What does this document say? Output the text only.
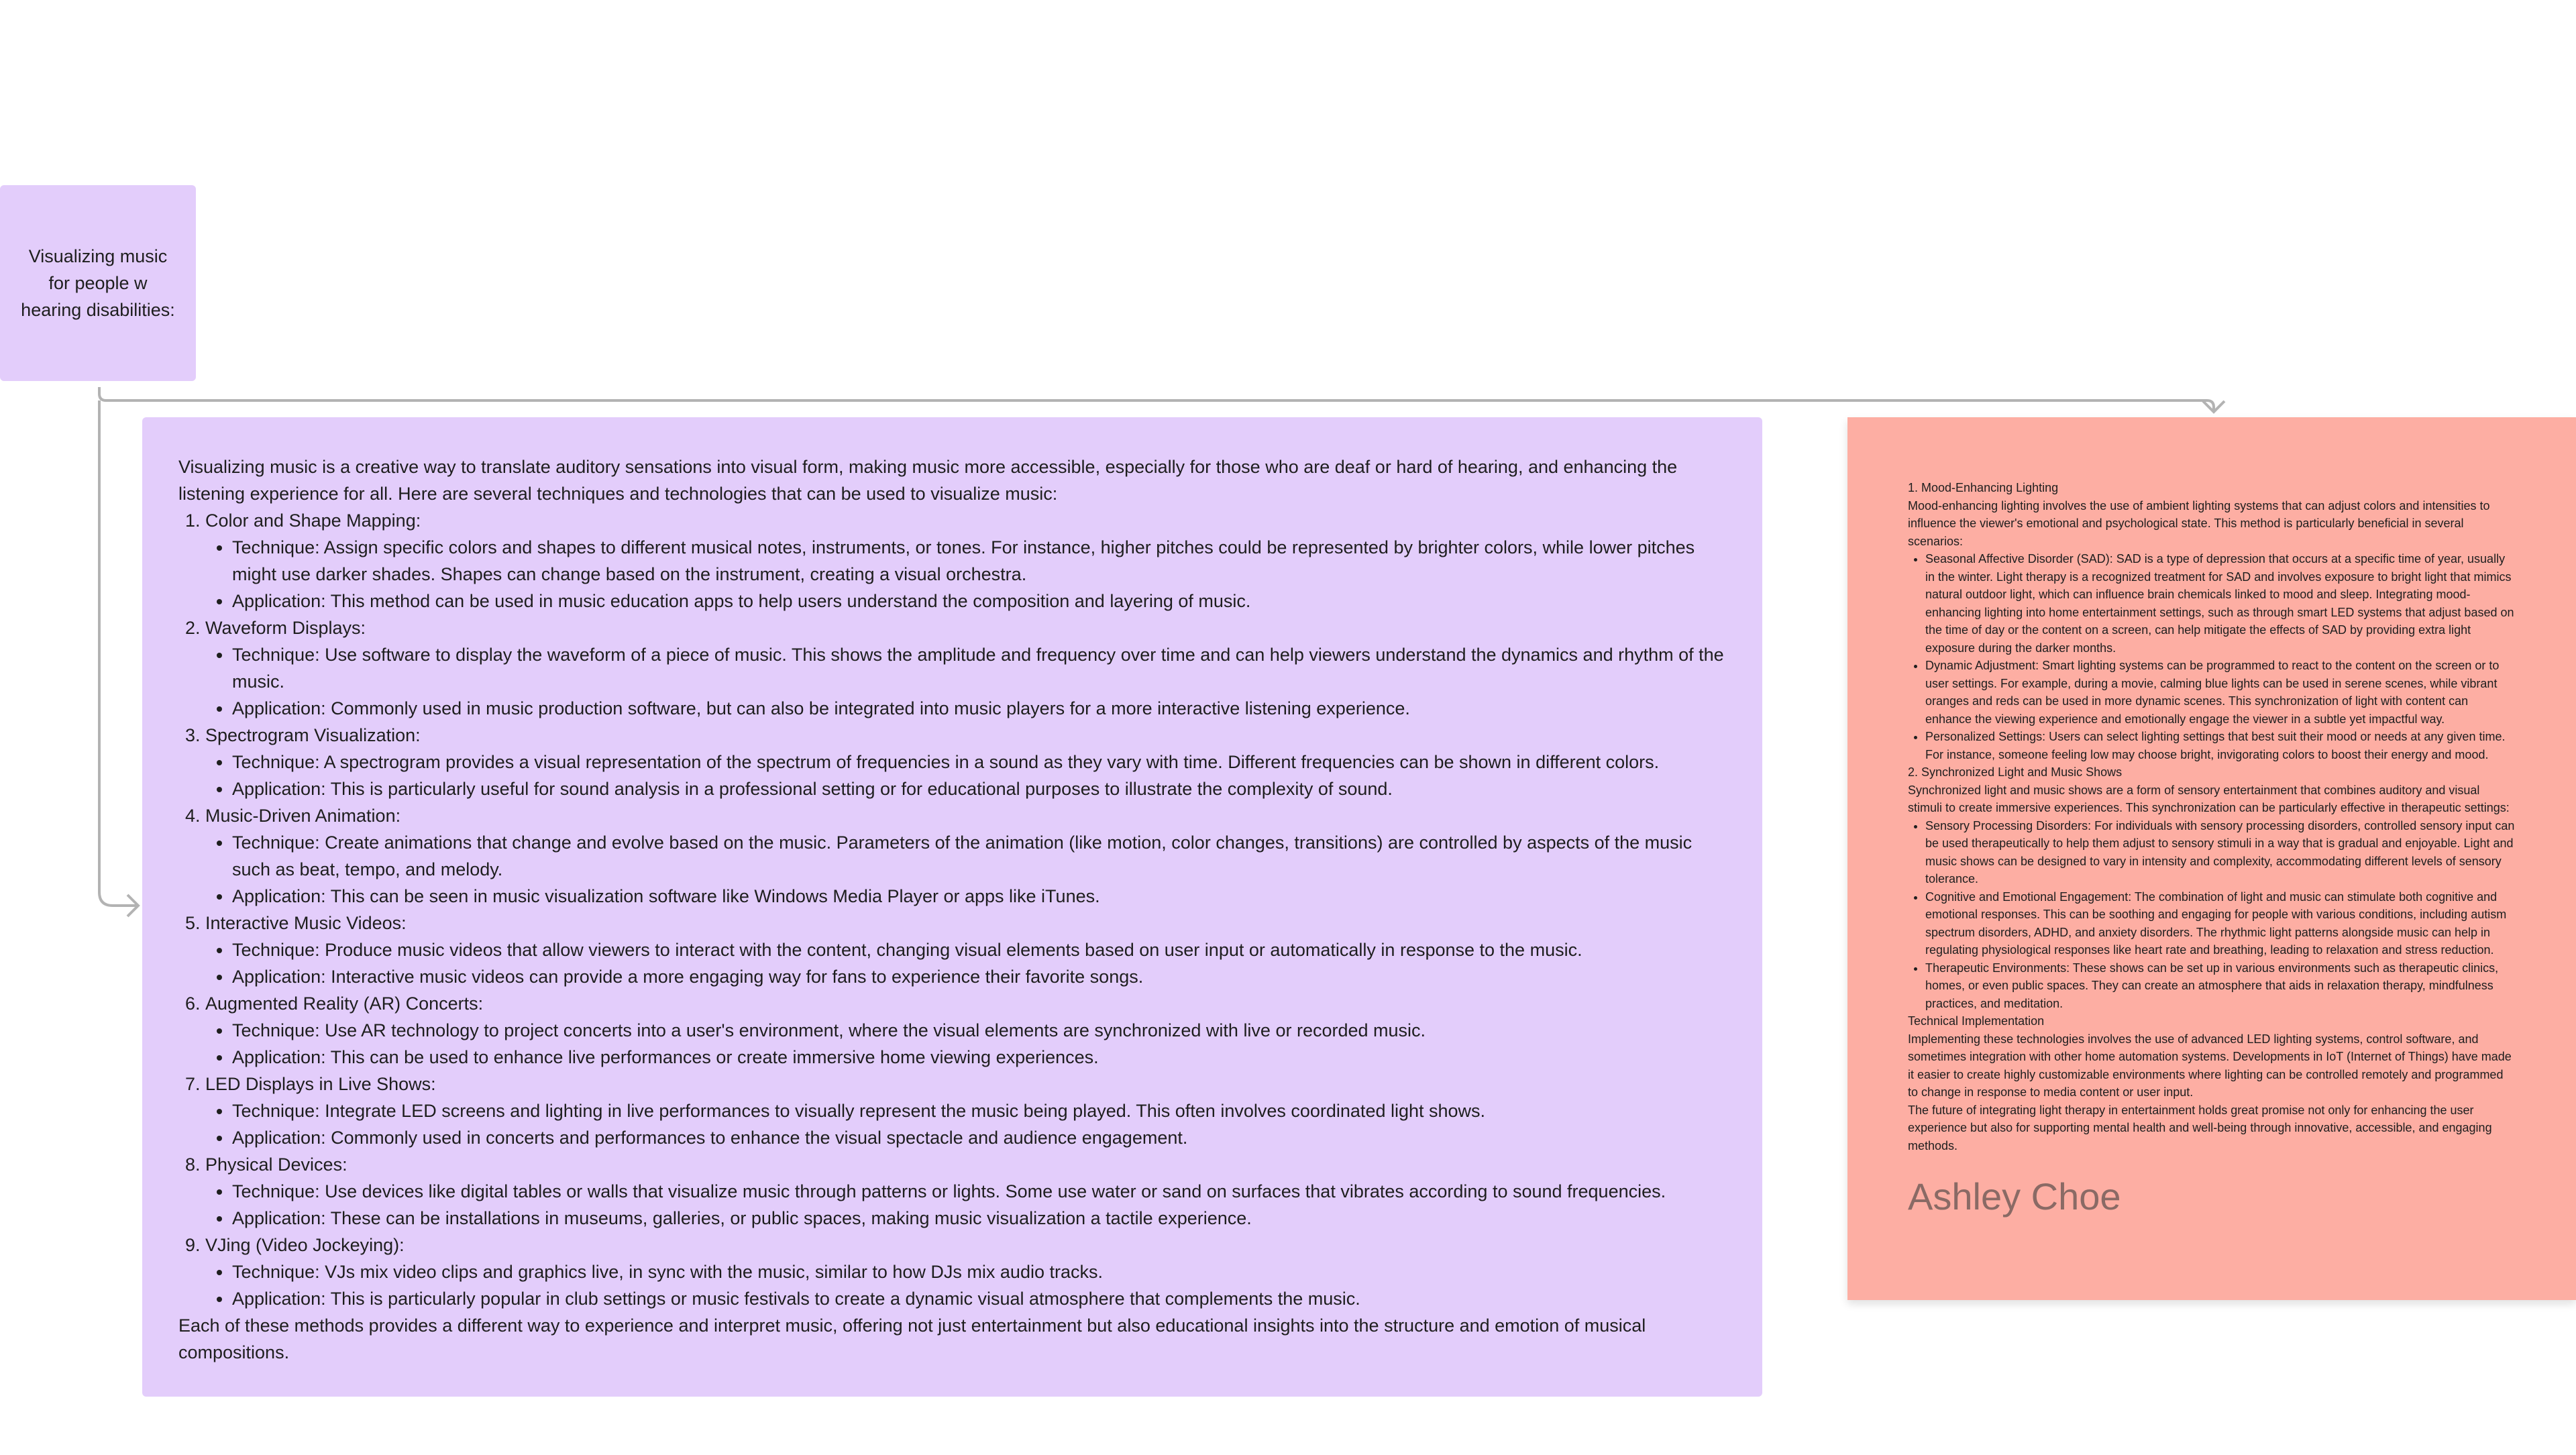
Visualizing music for people w hearing disabilities:

Visualizing music is a creative way to translate auditory sensations into visual form, making music more accessible, especially for those who are deaf or hard of hearing, and enhancing the listening experience for all. Here are several techniques and technologies that can be used to visualize music:

1. Color and Shape Mapping:
• Technique: Assign specific colors and shapes to different musical notes, instruments, or tones. For instance, higher pitches could be represented by brighter colors, while lower pitches might use darker shades. Shapes can change based on the instrument, creating a visual orchestra.
• Application: This method can be used in music education apps to help users understand the composition and layering of music.
2. Waveform Displays:
• Technique: Use software to display the waveform of a piece of music. This shows the amplitude and frequency over time and can help viewers understand the dynamics and rhythm of the music.
• Application: Commonly used in music production software, but can also be integrated into music players for a more interactive listening experience.
3. Spectrogram Visualization:
• Technique: A spectrogram provides a visual representation of the spectrum of frequencies in a sound as they vary with time. Different frequencies can be shown in different colors.
• Application: This is particularly useful for sound analysis in a professional setting or for educational purposes to illustrate the complexity of sound.
4. Music-Driven Animation:
• Technique: Create animations that change and evolve based on the music. Parameters of the animation (like motion, color changes, transitions) are controlled by aspects of the music such as beat, tempo, and melody.
• Application: This can be seen in music visualization software like Windows Media Player or apps like iTunes.
5. Interactive Music Videos:
• Technique: Produce music videos that allow viewers to interact with the content, changing visual elements based on user input or automatically in response to the music.
• Application: Interactive music videos can provide a more engaging way for fans to experience their favorite songs.
6. Augmented Reality (AR) Concerts:
• Technique: Use AR technology to project concerts into a user's environment, where the visual elements are synchronized with live or recorded music.
• Application: This can be used to enhance live performances or create immersive home viewing experiences.
7. LED Displays in Live Shows:
• Technique: Integrate LED screens and lighting in live performances to visually represent the music being played. This often involves coordinated light shows.
• Application: Commonly used in concerts and performances to enhance the visual spectacle and audience engagement.
8. Physical Devices:
• Technique: Use devices like digital tables or walls that visualize music through patterns or lights. Some use water or sand on surfaces that vibrates according to sound frequencies.
• Application: These can be installations in museums, galleries, or public spaces, making music visualization a tactile experience.
9. VJing (Video Jockeying):
• Technique: VJs mix video clips and graphics live, in sync with the music, similar to how DJs mix audio tracks.
• Application: This is particularly popular in club settings or music festivals to create a dynamic visual atmosphere that complements the music.

Each of these methods provides a different way to experience and interpret music, offering not just entertainment but also educational insights into the structure and emotion of musical compositions.

1. Mood-Enhancing Lighting

Mood-enhancing lighting involves the use of ambient lighting systems that can adjust colors and intensities to influence the viewer's emotional and psychological state. This method is particularly beneficial in several scenarios:

• Seasonal Affective Disorder (SAD): SAD is a type of depression that occurs at a specific time of year, usually in the winter. Light therapy is a recognized treatment for SAD and involves exposure to bright light that mimics natural outdoor light, which can influence brain chemicals linked to mood and sleep. Integrating mood-enhancing lighting into home entertainment settings, such as through smart LED systems that adjust based on the time of day or the content on a screen, can help mitigate the effects of SAD by providing extra light exposure during the darker months.
• Dynamic Adjustment: Smart lighting systems can be programmed to react to the content on the screen or to user settings. For example, during a movie, calming blue lights can be used in serene scenes, while vibrant oranges and reds can be used in more dynamic scenes. This synchronization of light with content can enhance the viewing experience and emotionally engage the viewer in a subtle yet impactful way.
• Personalized Settings: Users can select lighting settings that best suit their mood or needs at any given time. For instance, someone feeling low may choose bright, invigorating colors to boost their energy and mood.

2. Synchronized Light and Music Shows

Synchronized light and music shows are a form of sensory entertainment that combines auditory and visual stimuli to create immersive experiences. This synchronization can be particularly effective in therapeutic settings:

• Sensory Processing Disorders: For individuals with sensory processing disorders, controlled sensory input can be used therapeutically to help them adjust to sensory stimuli in a way that is gradual and enjoyable. Light and music shows can be designed to vary in intensity and complexity, accommodating different levels of sensory tolerance.
• Cognitive and Emotional Engagement: The combination of light and music can stimulate both cognitive and emotional responses. This can be soothing and engaging for people with various conditions, including autism spectrum disorders, ADHD, and anxiety disorders. The rhythmic light patterns alongside music can help in regulating physiological responses like heart rate and breathing, leading to relaxation and stress reduction.
• Therapeutic Environments: These shows can be set up in various environments such as therapeutic clinics, homes, or even public spaces. They can create an atmosphere that aids in relaxation therapy, mindfulness practices, and meditation.

Technical Implementation

Implementing these technologies involves the use of advanced LED lighting systems, control software, and sometimes integration with other home automation systems. Developments in IoT (Internet of Things) have made it easier to create highly customizable environments where lighting can be controlled remotely and programmed to change in response to media content or user input.

The future of integrating light therapy in entertainment holds great promise not only for enhancing the user experience but also for supporting mental health and well-being through innovative, accessible, and engaging methods.

Ashley Choe
